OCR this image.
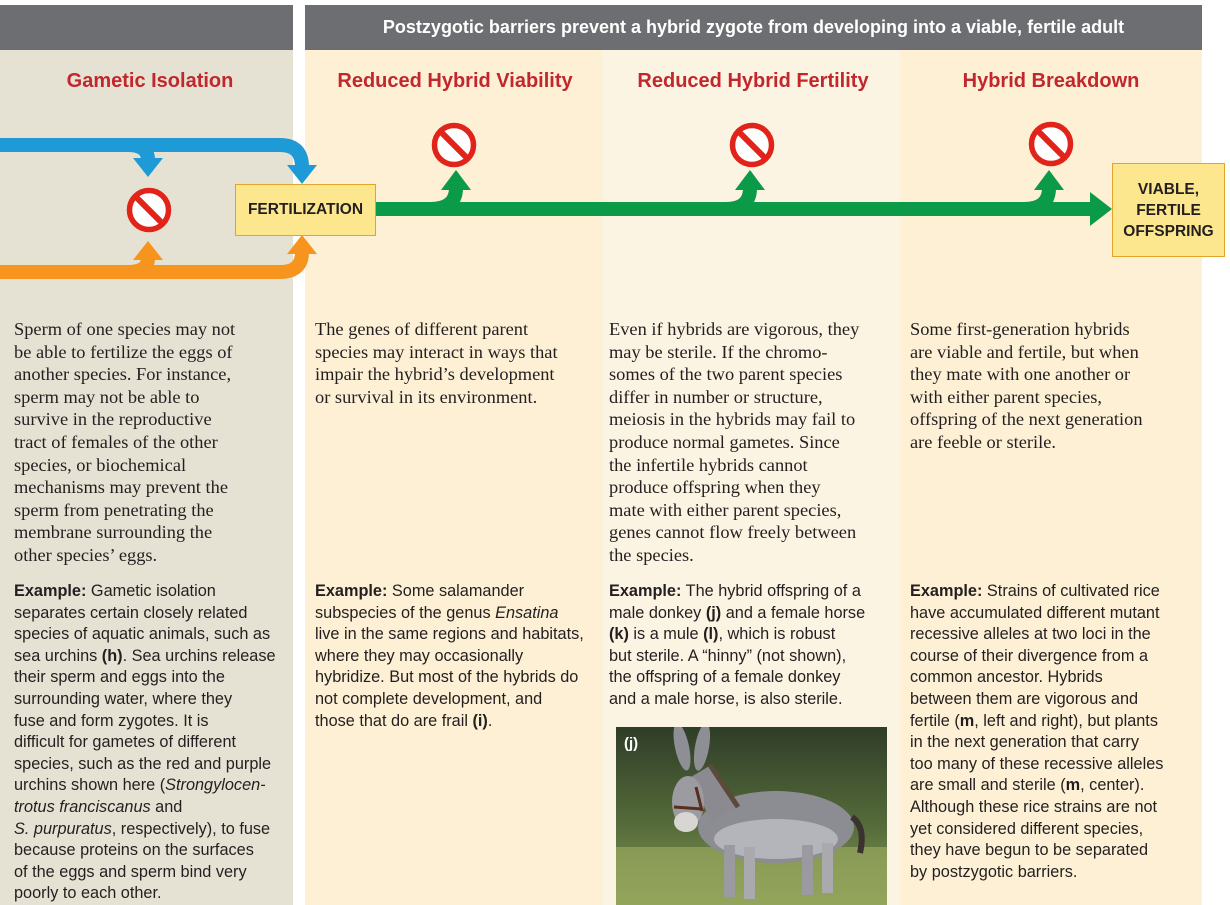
Postzygotic barriers prevent a hybrid zygote from developing into a viable, fertile adult
Gametic Isolation	Reduced Hybrid Viability	Reduced Hybrid Fertility	Hybrid Breakdown
FERTILIZATION
VIABLE,
FERTILE
OFFSPRING
Sperm of one species may not
be able to fertilize the eggs of
another species. For instance,
sperm may not be able to
survive in the reproductive
tract of females of the other
species, or biochemical
mechanisms may prevent the
sperm from penetrating the
membrane surrounding the
other species’ eggs.
The genes of different parent
species may interact in ways that
impair the hybrid’s development
or survival in its environment.
Even if hybrids are vigorous, they
may be sterile. If the chromo-
somes of the two parent species
differ in number or structure,
meiosis in the hybrids may fail to
produce normal gametes. Since
the infertile hybrids cannot
produce offspring when they
mate with either parent species,
genes cannot flow freely between
the species.
Some first-generation hybrids
are viable and fertile, but when
they mate with one another or
with either parent species,
offspring of the next generation
are feeble or sterile.
Example: Gametic isolation
separates certain closely related
species of aquatic animals, such as
sea urchins (h). Sea urchins release
their sperm and eggs into the
surrounding water, where they
fuse and form zygotes. It is
difficult for gametes of different
species, such as the red and purple
urchins shown here (Strongylocen-
trotus franciscanus and
S. purpuratus, respectively), to fuse
because proteins on the surfaces
of the eggs and sperm bind very
poorly to each other.
Example: Some salamander
subspecies of the genus Ensatina
live in the same regions and habitats,
where they may occasionally
hybridize. But most of the hybrids do
not complete development, and
those that do are frail (i).
Example: The hybrid offspring of a
male donkey (j) and a female horse
(k) is a mule (l), which is robust
but sterile. A “hinny” (not shown),
the offspring of a female donkey
and a male horse, is also sterile.
Example: Strains of cultivated rice
have accumulated different mutant
recessive alleles at two loci in the
course of their divergence from a
common ancestor. Hybrids
between them are vigorous and
fertile (m, left and right), but plants
in the next generation that carry
too many of these recessive alleles
are small and sterile (m, center).
Although these rice strains are not
yet considered different species,
they have begun to be separated
by postzygotic barriers.
(j)
